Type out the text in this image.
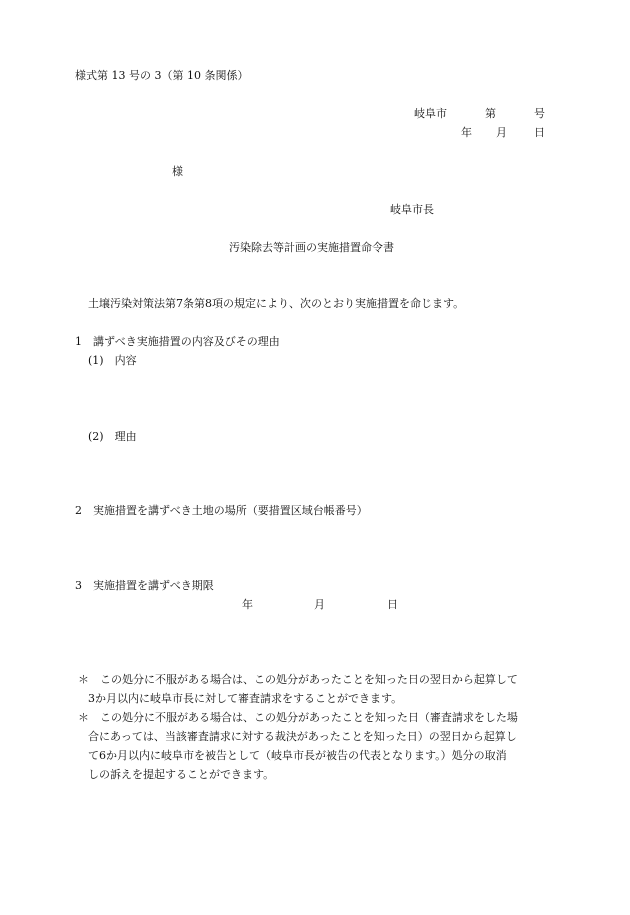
様式第 13 号の 3（第 10 条関係）
岐阜市	第	号
年 月 日
様
岐阜市長
汚染除去等計画の実施措置命令書
土壌汚染対策法第7条第8項の規定により、次のとおり実施措置を命じます。
1　講ずべき実施措置の内容及びその理由
(1)　内容
(2)　理由
2　実施措置を講ずべき土地の場所（要措置区域台帳番号）
3　実施措置を講ずべき期限
年	月	日
＊ この処分に不服がある場合は、この処分があったことを知った日の翌日から起算して
3か月以内に岐阜市長に対して審査請求をすることができます。
＊ この処分に不服がある場合は、この処分があったことを知った日（審査請求をした場
合にあっては、当該審査請求に対する裁決があったことを知った日）の翌日から起算し
て6か月以内に岐阜市を被告として（岐阜市長が被告の代表となります。）処分の取消
しの訴えを提起することができます。
